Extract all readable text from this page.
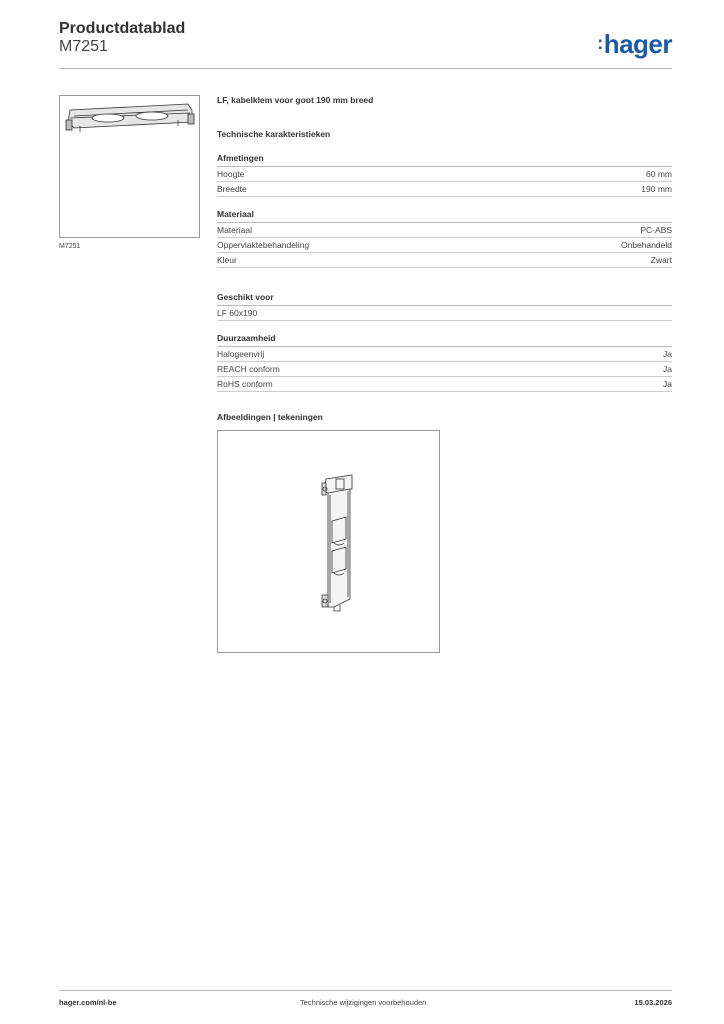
Productdatablad
M7251	:hager
M7251
LF, kabelklem voor goot 190 mm breed
Technische karakteristieken
Afmetingen
Hoogte	60 mm
Breedte	190 mm
Materiaal
Materiaal	PC-ABS
Oppervlaktebehandeling	Onbehandeld
Kleur	Zwart
Geschikt voor
LF 60x190
Duurzaamheid
Halogeenvrij	Ja
REACH conform	Ja
RoHS conform	Ja
Afbeeldingen | tekeningen
hager.com/nl-be	Technische wijzigingen voorbehouden	15.03.2026
